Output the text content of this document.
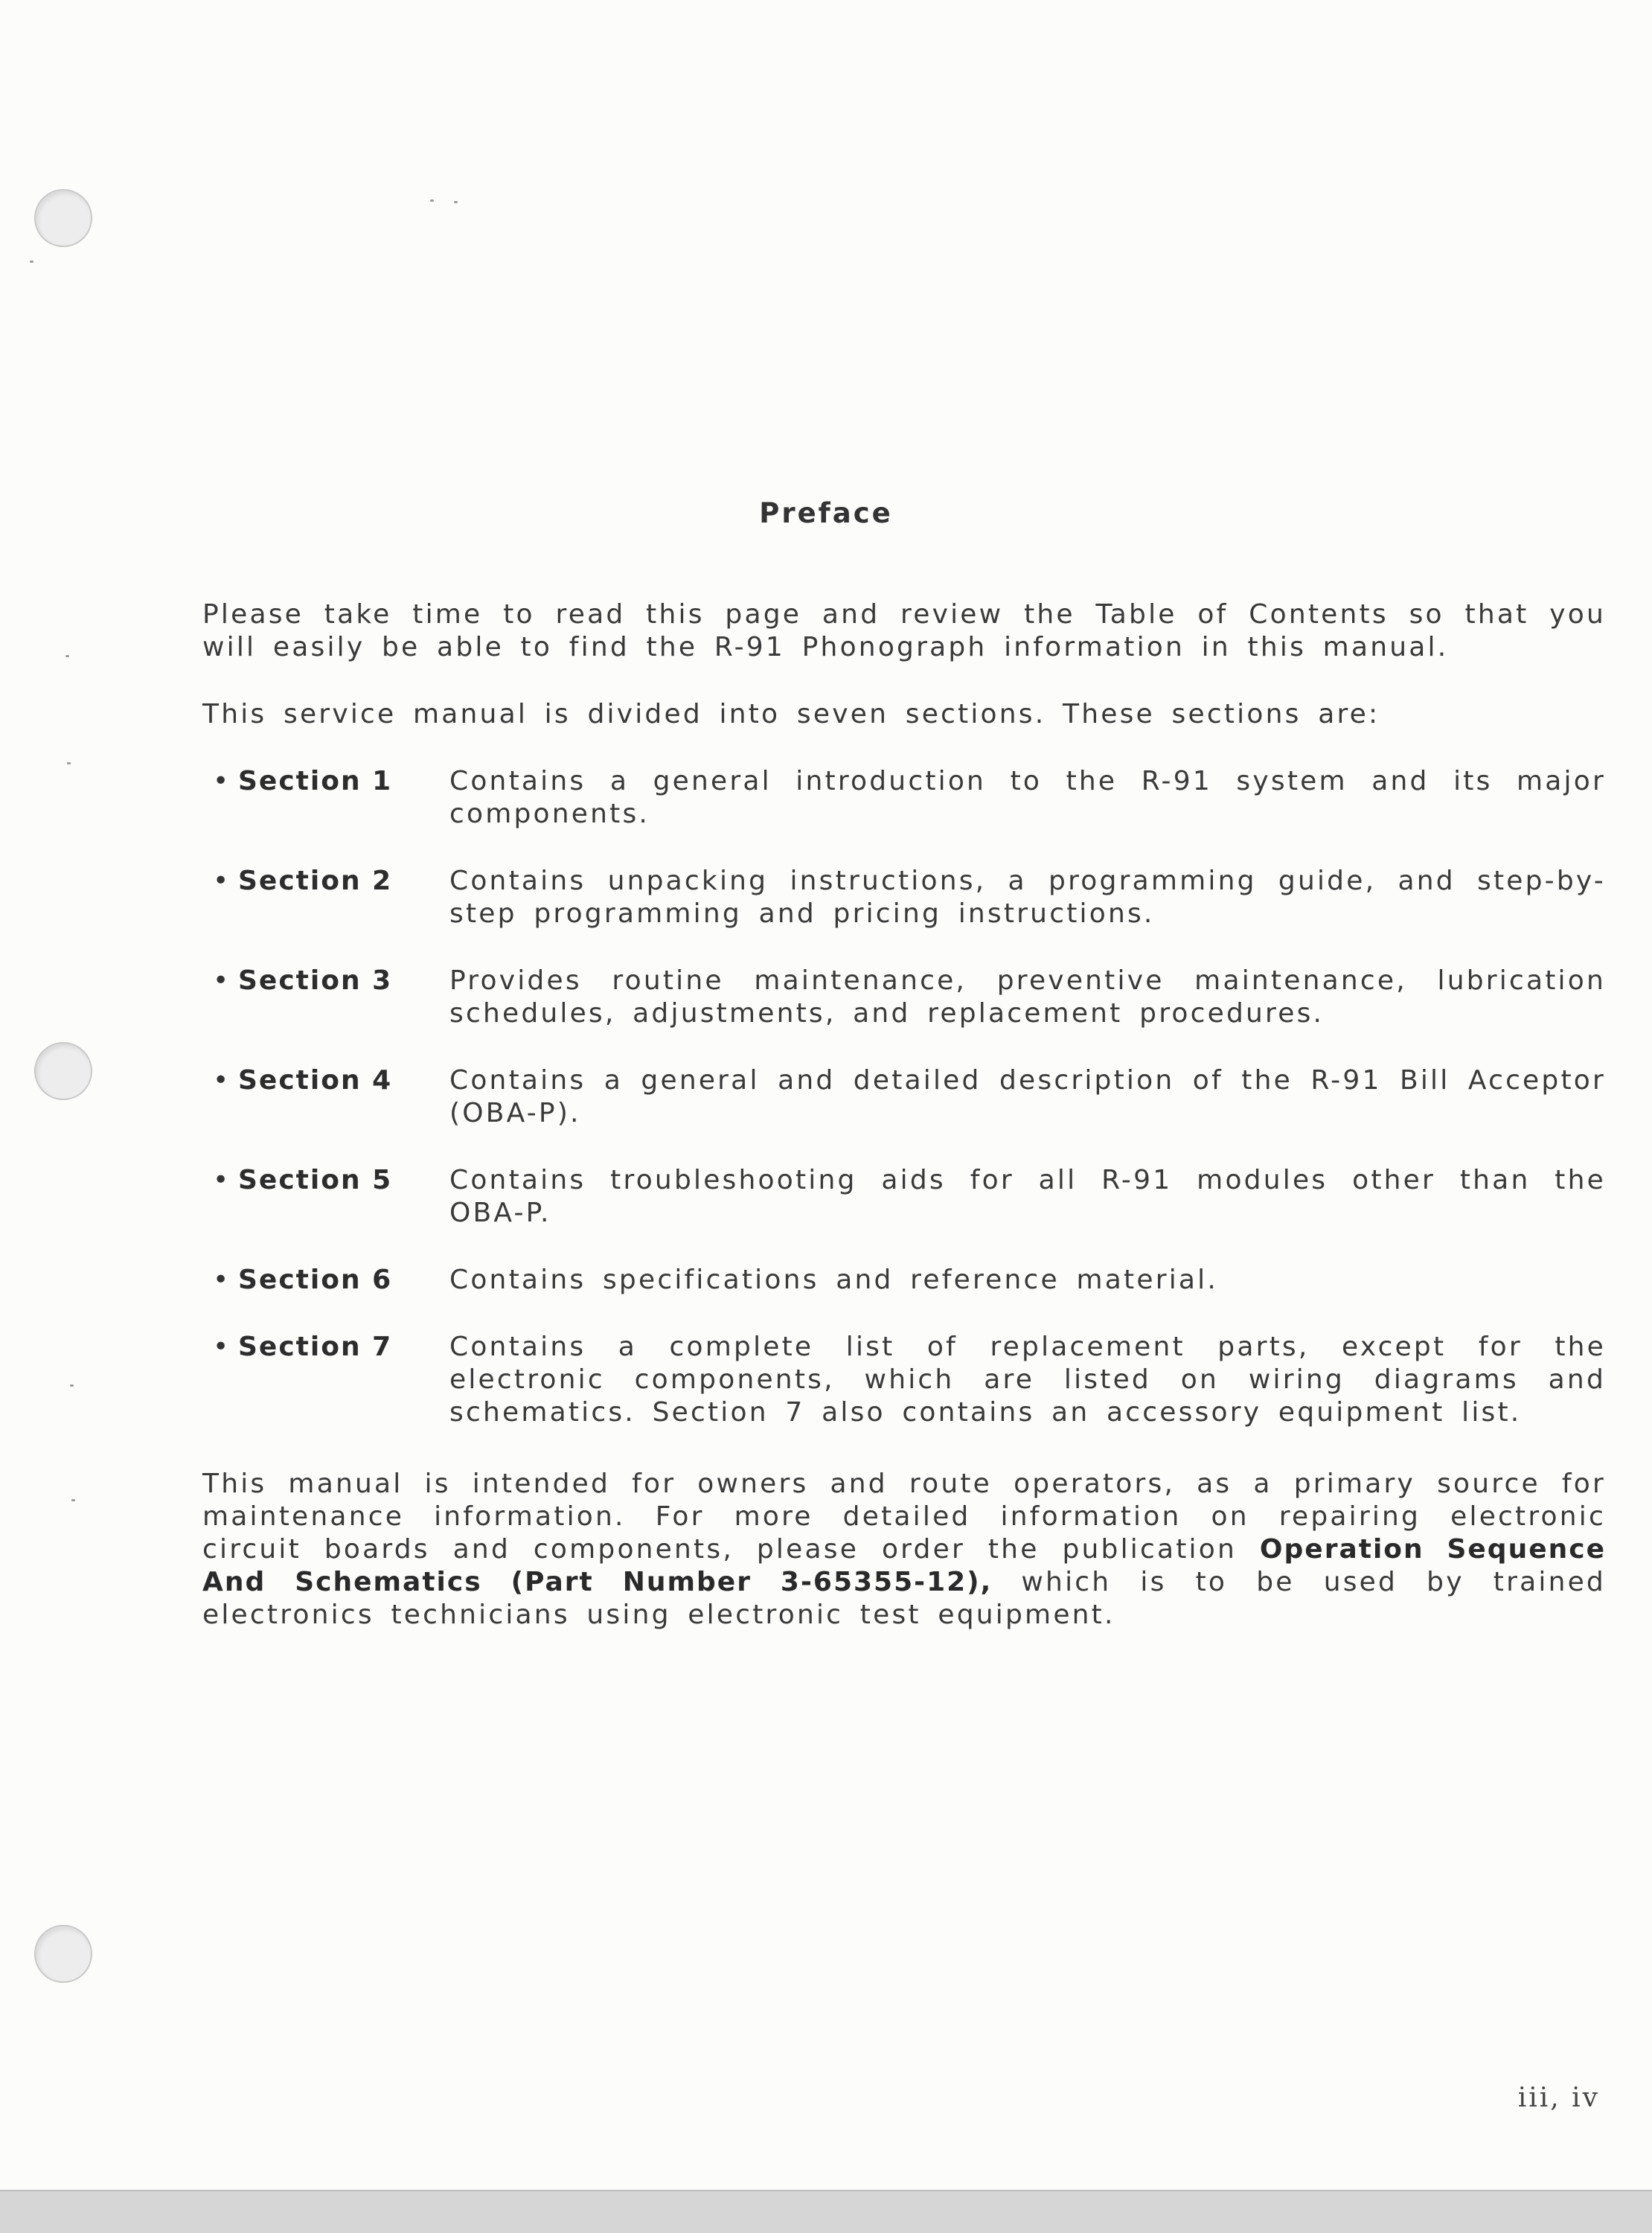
Preface
Please take time to read this page and review the Table of Contents so that you will easily be able to find the R-91 Phonograph information in this manual.
This service manual is divided into seven sections. These sections are:
• Section 1	Contains a general introduction to the R-91 system and its major components.
• Section 2	Contains unpacking instructions, a programming guide, and step-by-step programming and pricing instructions.
• Section 3	Provides routine maintenance, preventive maintenance, lubrication schedules, adjustments, and replacement procedures.
• Section 4	Contains a general and detailed description of the R-91 Bill Acceptor (OBA-P).
• Section 5	Contains troubleshooting aids for all R-91 modules other than the OBA-P.
• Section 6	Contains specifications and reference material.
• Section 7	Contains a complete list of replacement parts, except for the electronic components, which are listed on wiring diagrams and schematics. Section 7 also contains an accessory equipment list.
This manual is intended for owners and route operators, as a primary source for maintenance information. For more detailed information on repairing electronic circuit boards and components, please order the publication Operation Sequence And Schematics (Part Number 3-65355-12), which is to be used by trained electronics technicians using electronic test equipment.
iii, iv
